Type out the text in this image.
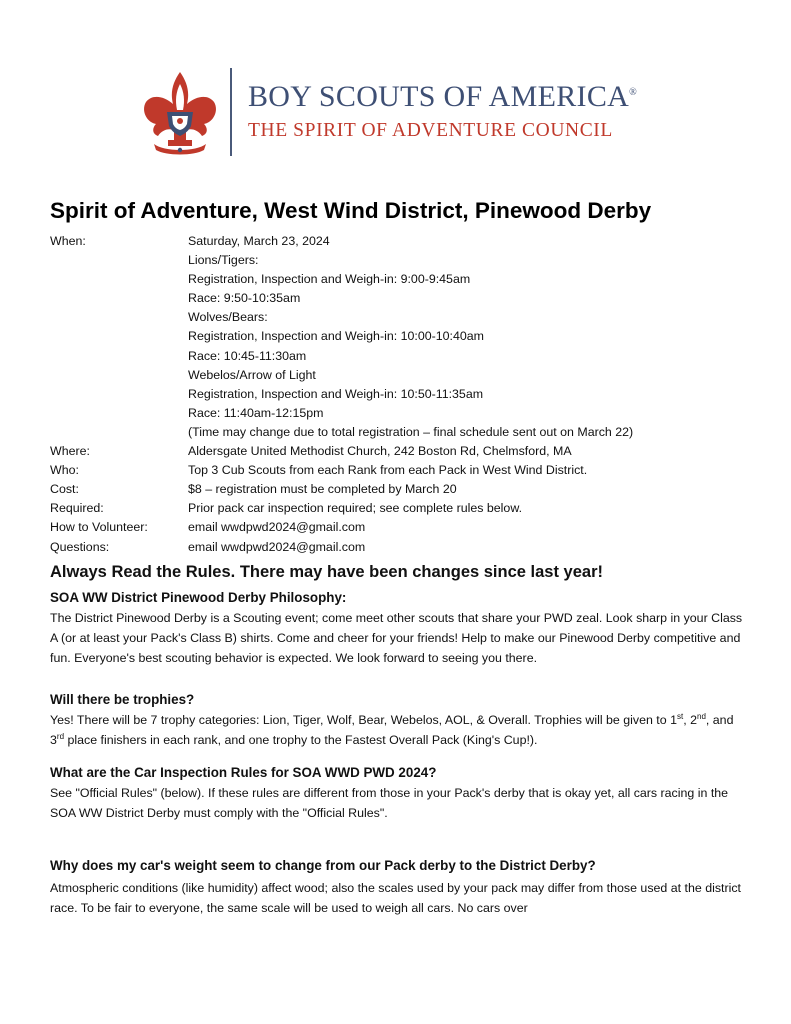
BOY SCOUTS OF AMERICA®
THE SPIRIT OF ADVENTURE COUNCIL
Spirit of Adventure, West Wind District, Pinewood Derby
When:	Saturday, March 23, 2024
Lions/Tigers:
Registration, Inspection and Weigh-in: 9:00-9:45am
Race: 9:50-10:35am
Wolves/Bears:
Registration, Inspection and Weigh-in: 10:00-10:40am
Race: 10:45-11:30am
Webelos/Arrow of Light
Registration, Inspection and Weigh-in: 10:50-11:35am
Race: 11:40am-12:15pm
(Time may change due to total registration – final schedule sent out on March 22)
Where:	Aldersgate United Methodist Church, 242 Boston Rd, Chelmsford, MA
Who:	Top 3 Cub Scouts from each Rank from each Pack in West Wind District.
Cost:	$8 – registration must be completed by March 20
Required:	Prior pack car inspection required; see complete rules below.
How to Volunteer:	email wwdpwd2024@gmail.com
Questions:	email wwdpwd2024@gmail.com
Always Read the Rules. There may have been changes since last year!
SOA WW District Pinewood Derby Philosophy:
The District Pinewood Derby is a Scouting event; come meet other scouts that share your PWD zeal. Look sharp in your Class A (or at least your Pack's Class B) shirts. Come and cheer for your friends! Help to make our Pinewood Derby competitive and fun. Everyone's best scouting behavior is expected. We look forward to seeing you there.
Will there be trophies?
Yes! There will be 7 trophy categories: Lion, Tiger, Wolf, Bear, Webelos, AOL, & Overall. Trophies will be given to 1st, 2nd, and 3rd place finishers in each rank, and one trophy to the Fastest Overall Pack (King's Cup!).
What are the Car Inspection Rules for SOA WWD PWD 2024?
See "Official Rules" (below). If these rules are different from those in your Pack's derby that is okay yet, all cars racing in the SOA WW District Derby must comply with the "Official Rules".
Why does my car's weight seem to change from our Pack derby to the District Derby?
Atmospheric conditions (like humidity) affect wood; also the scales used by your pack may differ from those used at the district race. To be fair to everyone, the same scale will be used to weigh all cars. No cars over
